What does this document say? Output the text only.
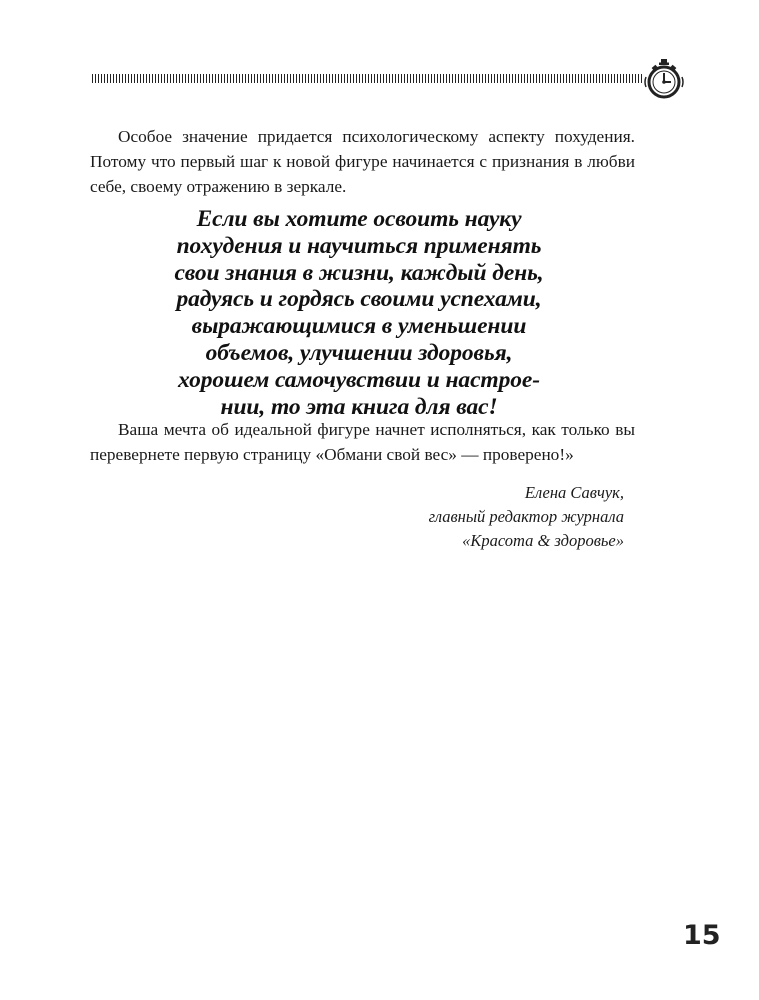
Особое значение придается психологическому аспекту похудения. Потому что первый шаг к новой фигуре начинается с признания в любви себе, своему отражению в зеркале.

Если вы хотите освоить науку
похудения и научиться применять
свои знания в жизни, каждый день,
радуясь и гордясь своими успехами,
выражающимися в уменьшении
объемов, улучшении здоровья,
хорошем самочувствии и настрое-
нии, то эта книга для вас!

Ваша мечта об идеальной фигуре начнет исполняться, как только вы перевернете первую страницу «Обмани свой вес» — проверено!»

Елена Савчук,
главный редактор журнала
«Красота & здоровье»
15
